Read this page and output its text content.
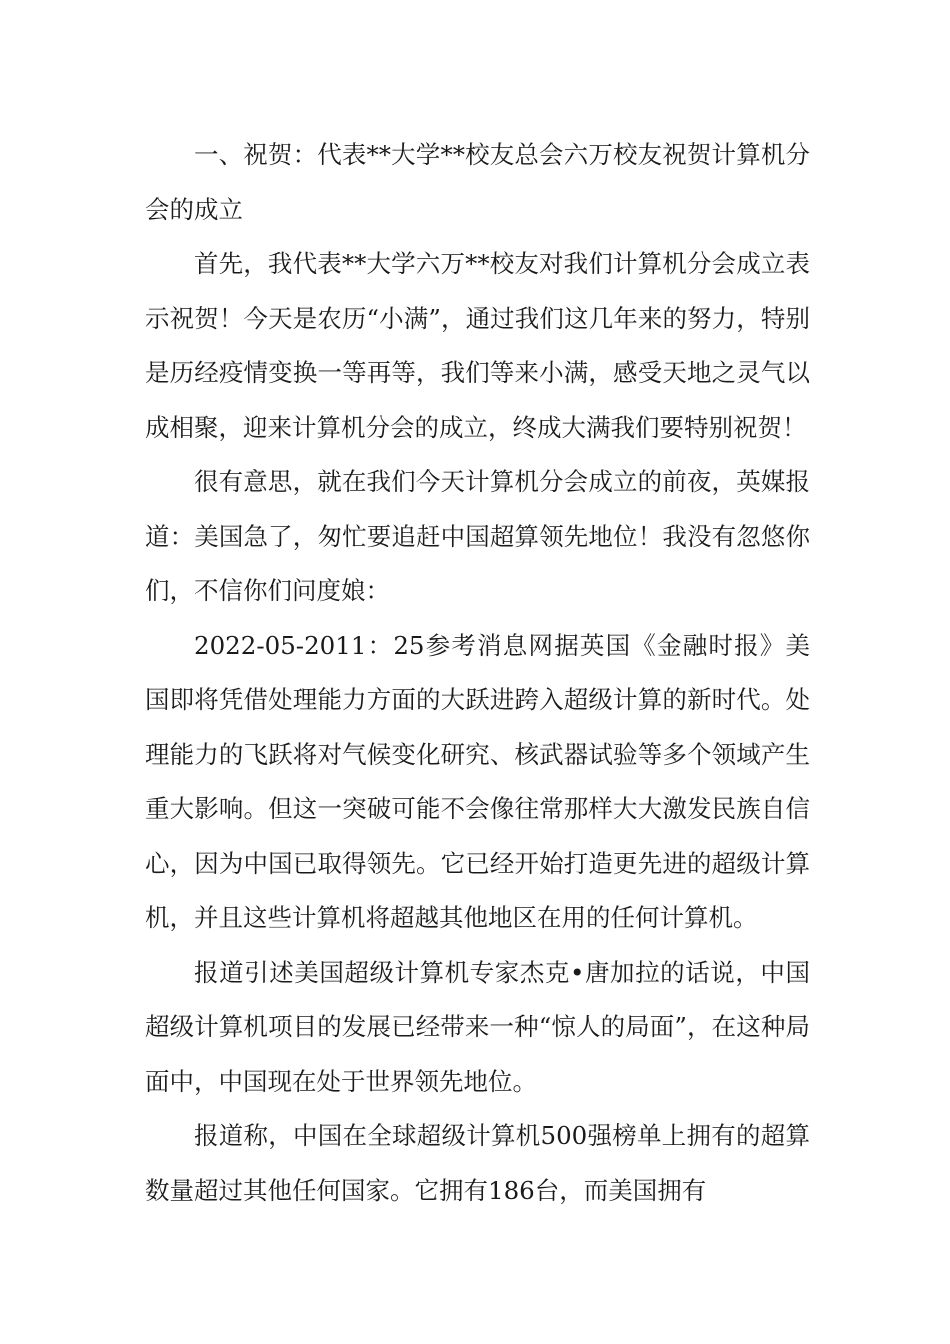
一、祝贺：代表**大学**校友总会六万校友祝贺计算机分会的成立

首先，我代表**大学六万**校友对我们计算机分会成立表示祝贺！今天是农历“小满”，通过我们这几年来的努力，特别是历经疫情变换一等再等，我们等来小满，感受天地之灵气以成相聚，迎来计算机分会的成立，终成大满我们要特别祝贺！

很有意思，就在我们今天计算机分会成立的前夜，英媒报道：美国急了，匆忙要追赶中国超算领先地位！我没有忽悠你们，不信你们问度娘：

2022-05-2011：25参考消息网据英国《金融时报》美国即将凭借处理能力方面的大跃进跨入超级计算的新时代。处理能力的飞跃将对气候变化研究、核武器试验等多个领域产生重大影响。但这一突破可能不会像往常那样大大激发民族自信心，因为中国已取得领先。它已经开始打造更先进的超级计算机，并且这些计算机将超越其他地区在用的任何计算机。

报道引述美国超级计算机专家杰克•唐加拉的话说，中国超级计算机项目的发展已经带来一种“惊人的局面”，在这种局面中，中国现在处于世界领先地位。

报道称，中国在全球超级计算机500强榜单上拥有的超算数量超过其他任何国家。它拥有186台，而美国拥有
